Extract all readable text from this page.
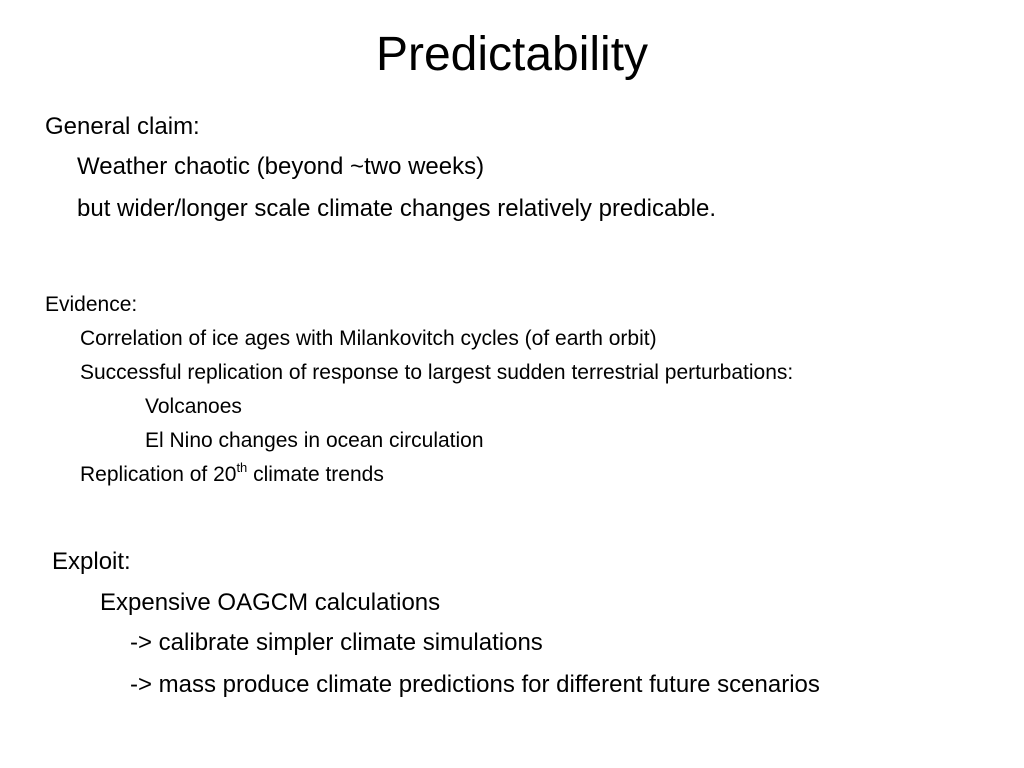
Predictability
General claim:
Weather chaotic (beyond ~two weeks)
but wider/longer scale climate changes relatively predicable.
Evidence:
Correlation of ice ages with Milankovitch cycles (of earth orbit)
Successful replication of response to largest sudden terrestrial perturbations:
Volcanoes
El Nino changes in ocean circulation
Replication of 20th climate trends
Exploit:
Expensive OAGCM calculations
-> calibrate simpler climate simulations
-> mass produce climate predictions for different future scenarios
